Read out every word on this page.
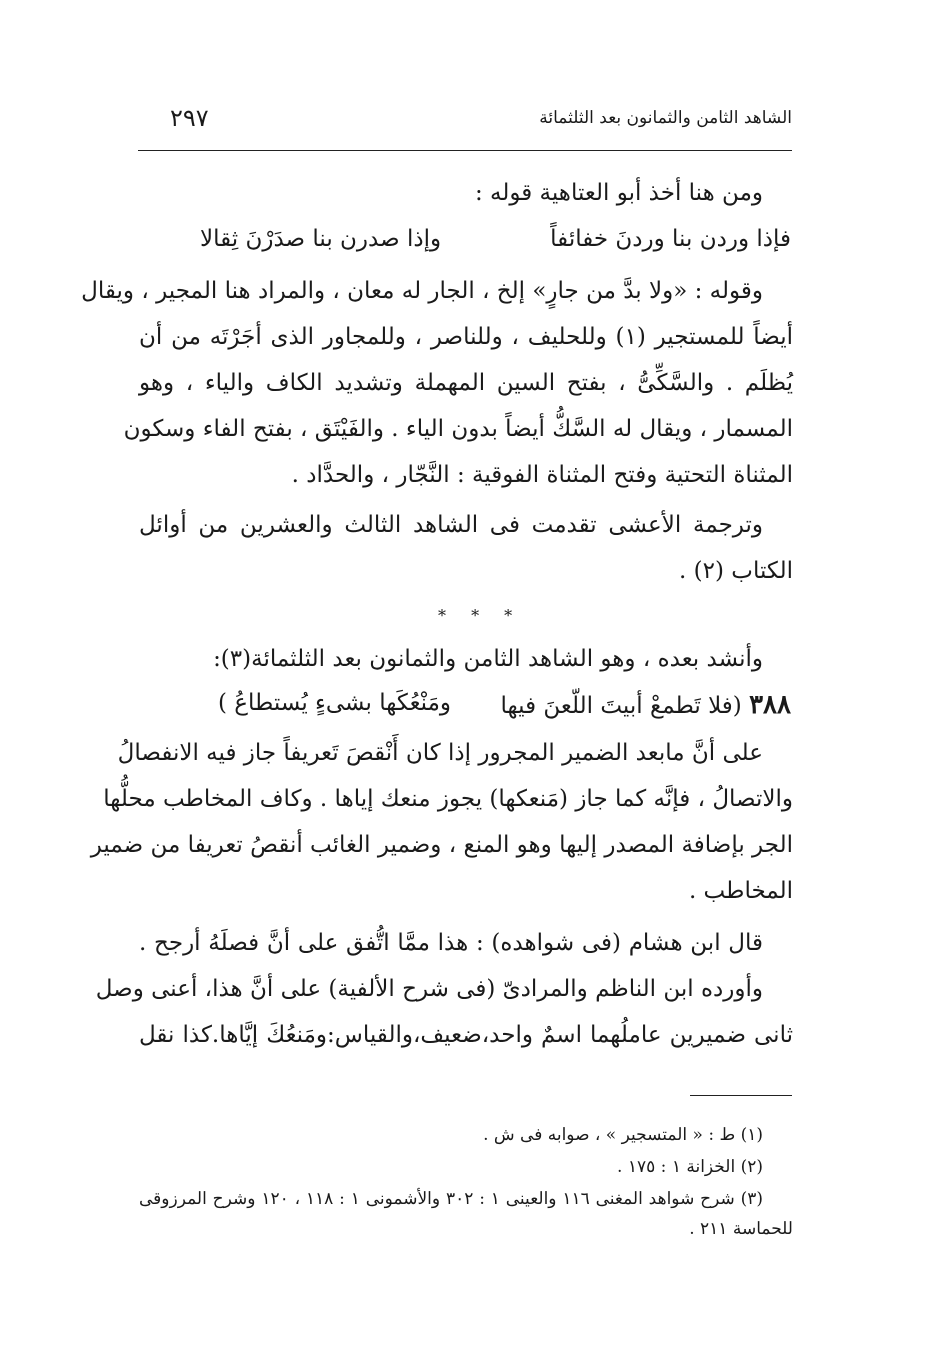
الشاهد الثامن والثمانون بعد الثلثمائة
٢٩٧
ومن هنا أخذ أبو العتاهية قوله :
فإذا وردن بنا وردنَ خفائفاً
وإذا صدرن بنا صدَرْنَ ثِقالا
وقوله : «ولا بدَّ من جارٍ» إلخ ، الجار له معان ، والمراد هنا المجير ، ويقال
أيضاً للمستجير (١) وللحليف ، وللناصر ، وللمجاور الذى أجَرْتَه من أن
يُظلَم . والسَّكِّىُّ ، بفتح السين المهملة وتشديد الكاف والياء ، وهو
المسمار ، ويقال له السَّكُّ أيضاً بدون الياء . والفَيْتَق ، بفتح الفاء وسكون
المثناة التحتية وفتح المثناة الفوقية : النَّجّار ، والحدَّاد .
وترجمة الأعشى تقدمت فى الشاهد الثالث والعشرين من أوائل
الكتاب (٢) .
* * *
وأنشد بعده ، وهو الشاهد الثامن والثمانون بعد الثلثمائة(٣):
٣٨٨ (فلا تَطمعْ أبيتَ اللّعنَ فيها
ومَنْعُكَها بشىءٍ يُستطاعُ )
على أنَّ مابعد الضمير المجرور إذا كان أَنْقصَ تَعريفاً جاز فيه الانفصالُ
والاتصالُ ، فإنَّه كما جاز (مَنعكها) يجوز منعك إياها . وكاف المخاطب محلُّها
الجر بإضافة المصدر إليها وهو المنع ، وضمير الغائب أنقصُ تعريفا من ضمير
المخاطب .
قال ابن هشام (فى شواهده) : هذا ممَّا اتُّفق على أنَّ فصلَهُ أرجح .
وأورده ابن الناظم والمرادىّ (فى شرح الألفية) على أنَّ هذا، أعنى وصل
ثانى ضميرين عاملُهما اسمٌ واحد،ضعيف،والقياس:ومَنعُكَ إيَّاها.كذا نقل
(١) ط : « المتسجير » ، صوابه فى ش .
(٢) الخزانة ١ : ١٧٥ .
(٣) شرح شواهد المغنى ١١٦ والعينى ١ : ٣٠٢ والأشمونى ١ : ١١٨ ، ١٢٠ وشرح المرزوقى
للحماسة ٢١١ .
